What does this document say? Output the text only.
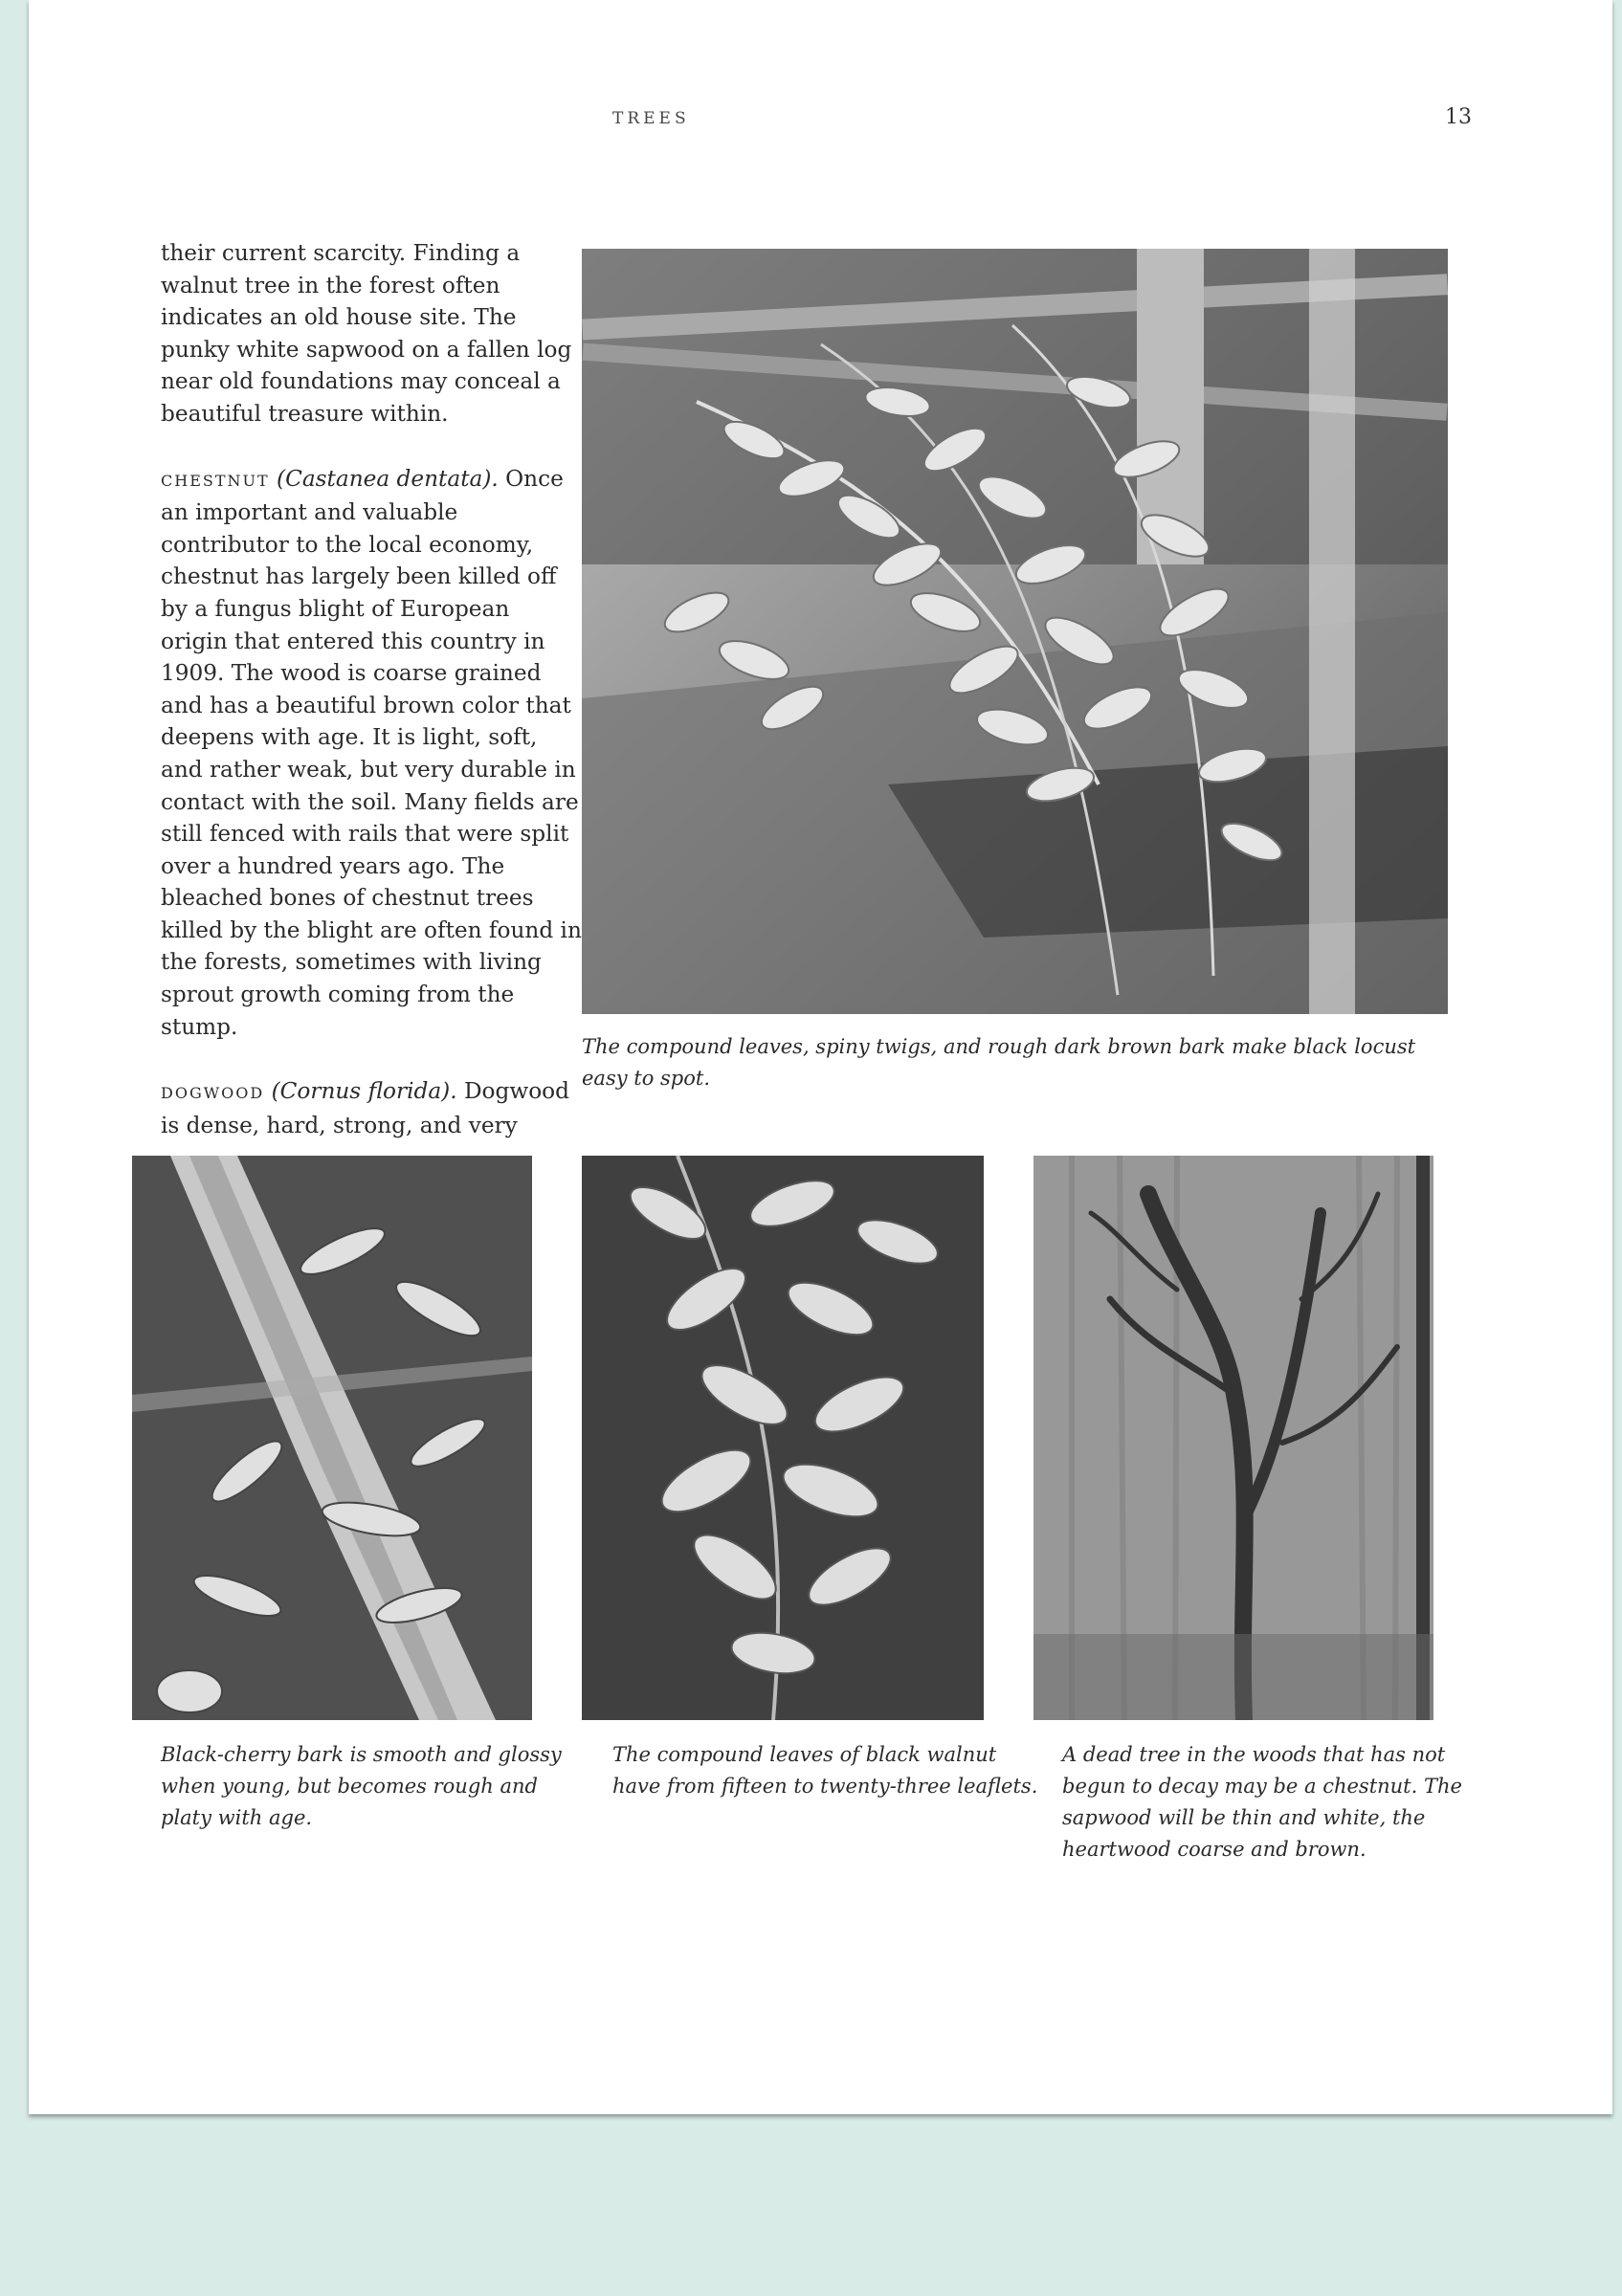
TREES	13

their current scarcity. Finding a walnut tree in the forest often indicates an old house site. The punky white sapwood on a fallen log near old foundations may conceal a beautiful treasure within.

CHESTNUT (Castanea dentata). Once an important and valuable contributor to the local economy, chestnut has largely been killed off by a fungus blight of European origin that entered this country in 1909. The wood is coarse grained and has a beautiful brown color that deepens with age. It is light, soft, and rather weak, but very durable in contact with the soil. Many fields are still fenced with rails that were split over a hundred years ago. The bleached bones of chestnut trees killed by the blight are often found in the forests, sometimes with living sprout growth coming from the stump.

DOGWOOD (Cornus florida). Dogwood is dense, hard, strong, and very

The compound leaves, spiny twigs, and rough dark brown bark make black locust easy to spot.
Black-cherry bark is smooth and glossy when young, but becomes rough and platy with age.
The compound leaves of black walnut have from fifteen to twenty-three leaflets.
A dead tree in the woods that has not begun to decay may be a chestnut. The sapwood will be thin and white, the heartwood coarse and brown.
